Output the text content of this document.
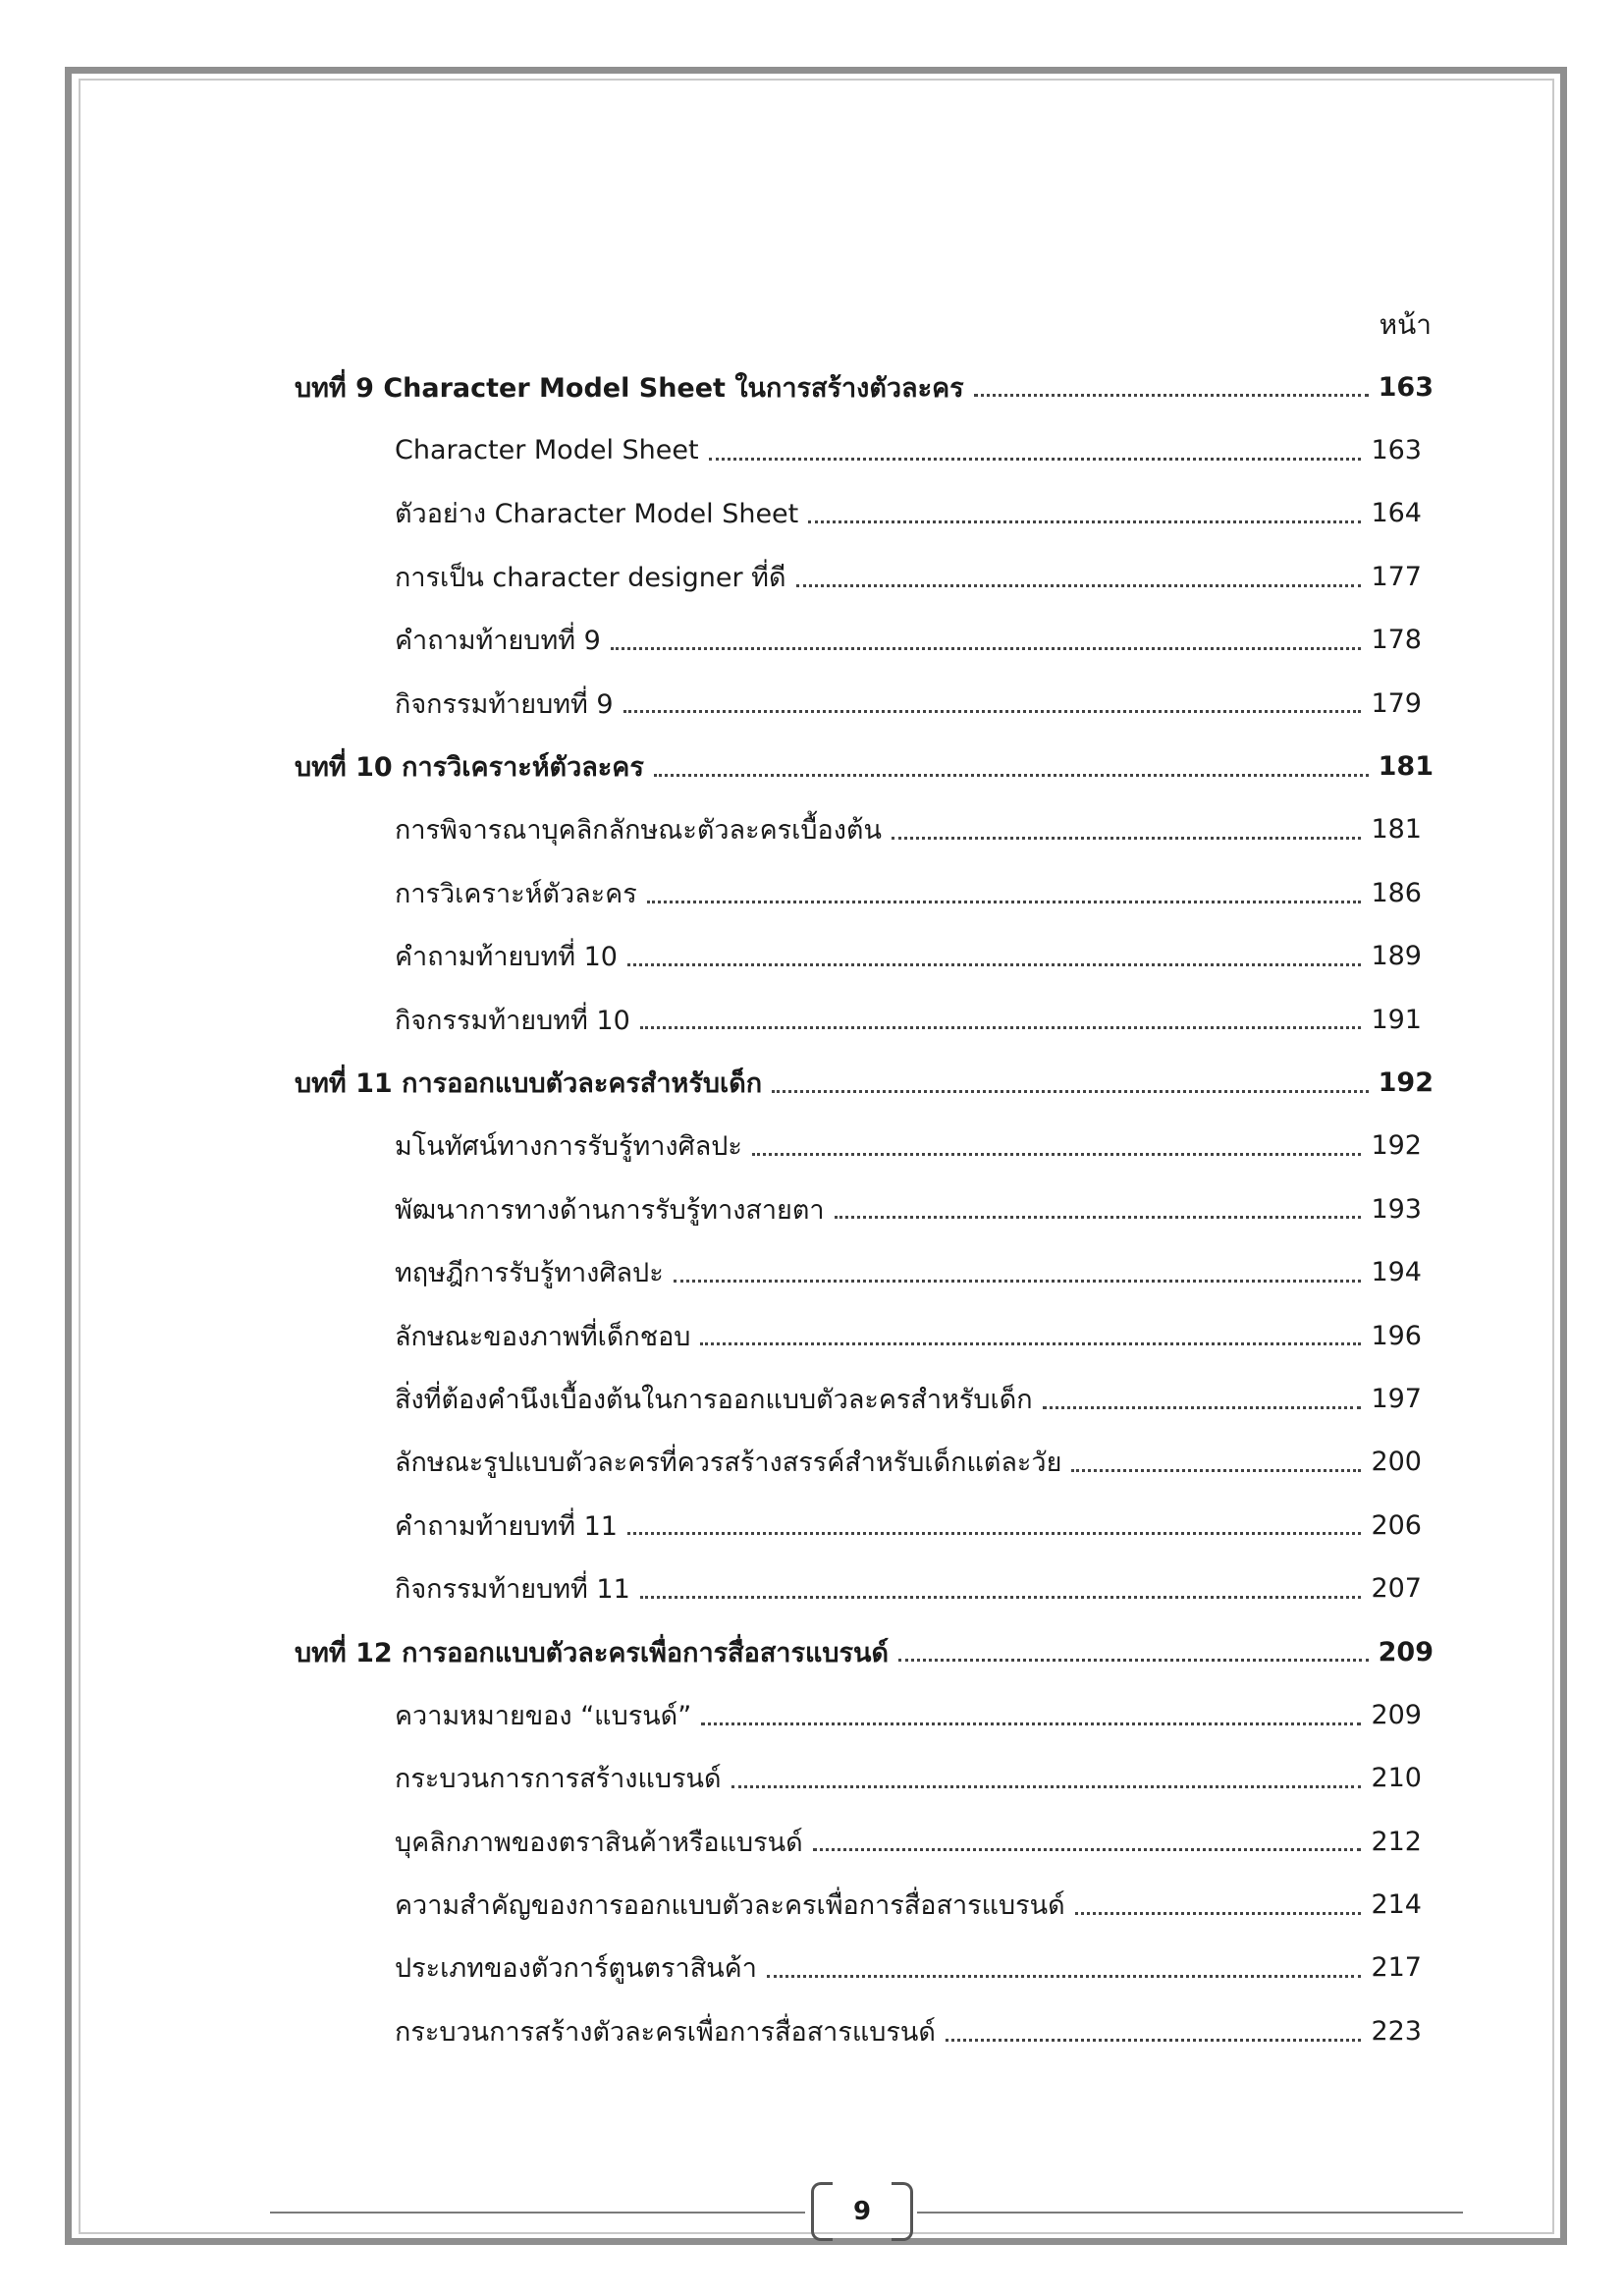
หน้า
บทที่ 9 Character Model Sheet ในการสร้างตัวละคร	163
Character Model Sheet	163
ตัวอย่าง Character Model Sheet	164
การเป็น character designer ที่ดี	177
คำถามท้ายบทที่ 9	178
กิจกรรมท้ายบทที่ 9	179
บทที่ 10 การวิเคราะห์ตัวละคร	181
การพิจารณาบุคลิกลักษณะตัวละครเบื้องต้น	181
การวิเคราะห์ตัวละคร	186
คำถามท้ายบทที่ 10	189
กิจกรรมท้ายบทที่ 10	191
บทที่ 11 การออกแบบตัวละครสำหรับเด็ก	192
มโนทัศน์ทางการรับรู้ทางศิลปะ	192
พัฒนาการทางด้านการรับรู้ทางสายตา	193
ทฤษฎีการรับรู้ทางศิลปะ	194
ลักษณะของภาพที่เด็กชอบ	196
สิ่งที่ต้องคำนึงเบื้องต้นในการออกแบบตัวละครสำหรับเด็ก	197
ลักษณะรูปแบบตัวละครที่ควรสร้างสรรค์สำหรับเด็กแต่ละวัย	200
คำถามท้ายบทที่ 11	206
กิจกรรมท้ายบทที่ 11	207
บทที่ 12 การออกแบบตัวละครเพื่อการสื่อสารแบรนด์	209
ความหมายของ “แบรนด์”	209
กระบวนการการสร้างแบรนด์	210
บุคลิกภาพของตราสินค้าหรือแบรนด์	212
ความสำคัญของการออกแบบตัวละครเพื่อการสื่อสารแบรนด์	214
ประเภทของตัวการ์ตูนตราสินค้า	217
กระบวนการสร้างตัวละครเพื่อการสื่อสารแบรนด์	223
9
